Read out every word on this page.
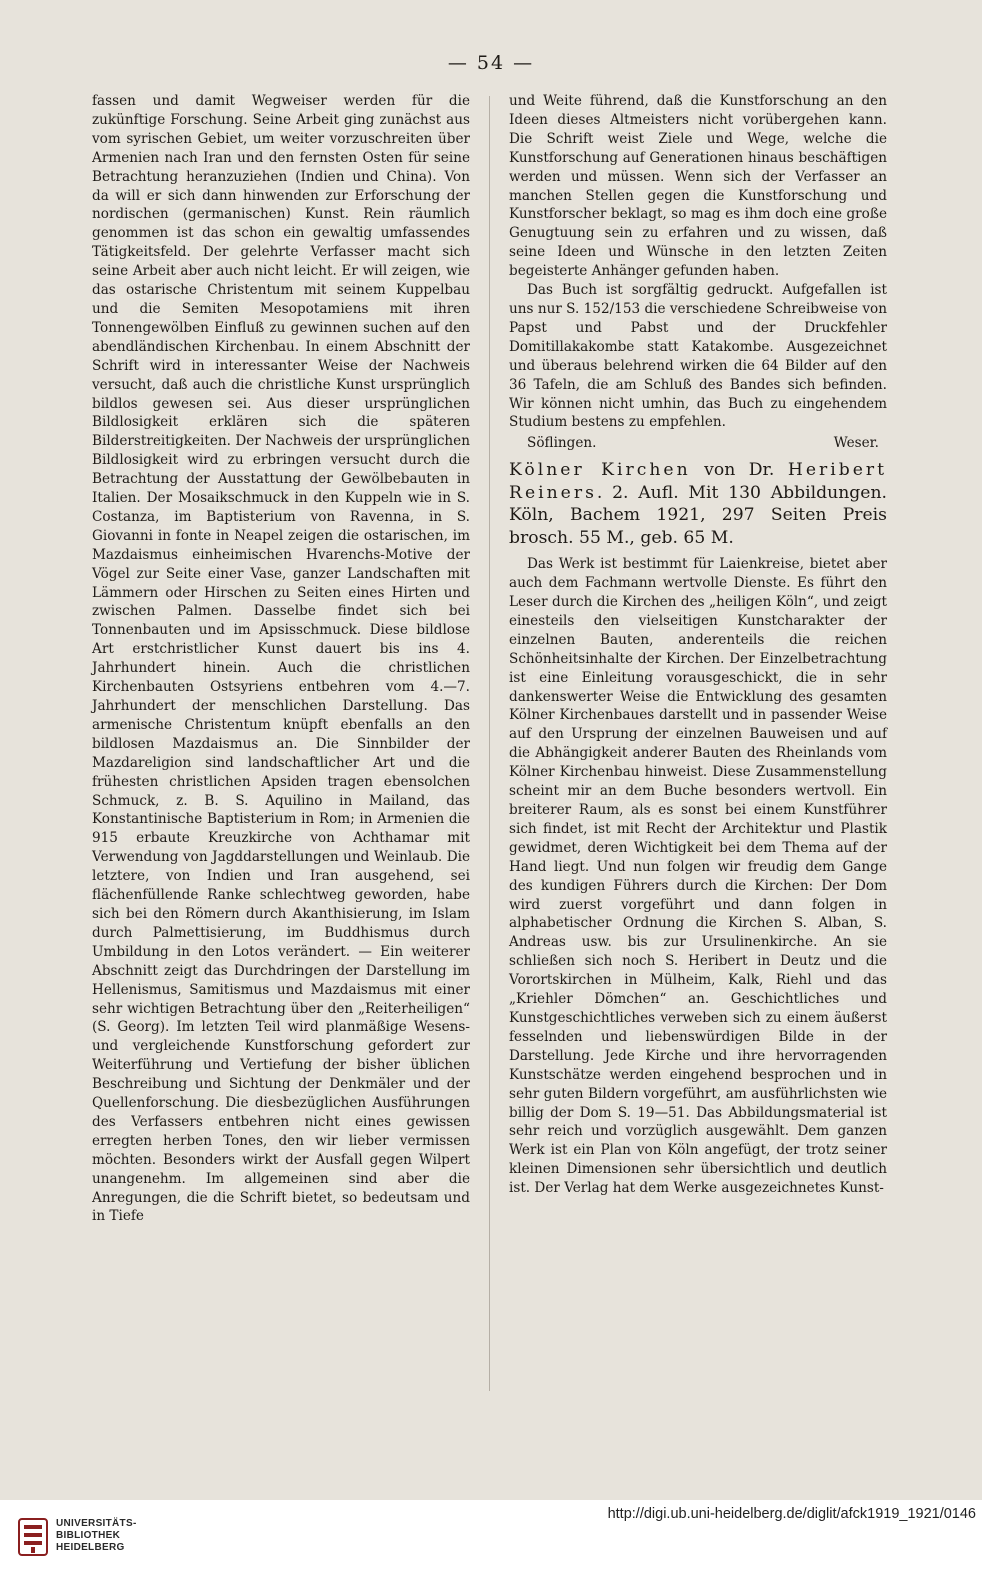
— 54 —

fassen und damit Wegweiser werden für die zukünftige Forschung. Seine Arbeit ging zunächst aus vom syrischen Gebiet, um weiter vorzuschreiten über Armenien nach Iran und den fernsten Osten für seine Betrachtung heranzuziehen (Indien und China). Von da will er sich dann hinwenden zur Erforschung der nordischen (germanischen) Kunst. Rein räumlich genommen ist das schon ein gewaltig umfassendes Tätigkeitsfeld. Der gelehrte Verfasser macht sich seine Arbeit aber auch nicht leicht. Er will zeigen, wie das ostarische Christentum mit seinem Kuppelbau und die Semiten Mesopotamiens mit ihren Tonnengewölben Einfluß zu gewinnen suchen auf den abendländischen Kirchenbau. In einem Abschnitt der Schrift wird in interessanter Weise der Nachweis versucht, daß auch die christliche Kunst ursprünglich bildlos gewesen sei. Aus dieser ursprünglichen Bildlosigkeit erklären sich die späteren Bilderstreitigkeiten. Der Nachweis der ursprünglichen Bildlosigkeit wird zu erbringen versucht durch die Betrachtung der Ausstattung der Gewölbebauten in Italien. Der Mosaikschmuck in den Kuppeln wie in S. Costanza, im Baptisterium von Ravenna, in S. Giovanni in fonte in Neapel zeigen die ostarischen, im Mazdaismus einheimischen Hvarenchs-Motive der Vögel zur Seite einer Vase, ganzer Landschaften mit Lämmern oder Hirschen zu Seiten eines Hirten und zwischen Palmen. Dasselbe findet sich bei Tonnenbauten und im Apsisschmuck. Diese bildlose Art erstchristlicher Kunst dauert bis ins 4. Jahrhundert hinein. Auch die christlichen Kirchenbauten Ostsyriens entbehren vom 4.—7. Jahrhundert der menschlichen Darstellung. Das armenische Christentum knüpft ebenfalls an den bildlosen Mazdaismus an. Die Sinnbilder der Mazdareligion sind landschaftlicher Art und die frühesten christlichen Apsiden tragen ebensolchen Schmuck, z. B. S. Aquilino in Mailand, das Konstantinische Baptisterium in Rom; in Armenien die 915 erbaute Kreuzkirche von Achthamar mit Verwendung von Jagddarstellungen und Weinlaub. Die letztere, von Indien und Iran ausgehend, sei flächenfüllende Ranke schlechtweg geworden, habe sich bei den Römern durch Akanthisierung, im Islam durch Palmettisierung, im Buddhismus durch Umbildung in den Lotos verändert. — Ein weiterer Abschnitt zeigt das Durchdringen der Darstellung im Hellenismus, Samitismus und Mazdaismus mit einer sehr wichtigen Betrachtung über den „Reiterheiligen“ (S. Georg). Im letzten Teil wird planmäßige Wesens- und vergleichende Kunstforschung gefordert zur Weiterführung und Vertiefung der bisher üblichen Beschreibung und Sichtung der Denkmäler und der Quellenforschung. Die diesbezüglichen Ausführungen des Verfassers entbehren nicht eines gewissen erregten herben Tones, den wir lieber vermissen möchten. Besonders wirkt der Ausfall gegen Wilpert unangenehm. Im allgemeinen sind aber die Anregungen, die die Schrift bietet, so bedeutsam und in Tiefe

und Weite führend, daß die Kunstforschung an den Ideen dieses Altmeisters nicht vorübergehen kann. Die Schrift weist Ziele und Wege, welche die Kunstforschung auf Generationen hinaus beschäftigen werden und müssen. Wenn sich der Verfasser an manchen Stellen gegen die Kunstforschung und Kunstforscher beklagt, so mag es ihm doch eine große Genugtuung sein zu erfahren und zu wissen, daß seine Ideen und Wünsche in den letzten Zeiten begeisterte Anhänger gefunden haben.

Das Buch ist sorgfältig gedruckt. Aufgefallen ist uns nur S. 152/153 die verschiedene Schreibweise von Papst und Pabst und der Druckfehler Domitillakakombe statt Katakombe. Ausgezeichnet und überaus belehrend wirken die 64 Bilder auf den 36 Tafeln, die am Schluß des Bandes sich befinden. Wir können nicht umhin, das Buch zu eingehendem Studium bestens zu empfehlen.

Söflingen.	Weser.
Kölner Kirchen von Dr. Heribert Reiners. 2. Aufl. Mit 130 Abbildungen. Köln, Bachem 1921, 297 Seiten Preis brosch. 55 M., geb. 65 M.

Das Werk ist bestimmt für Laienkreise, bietet aber auch dem Fachmann wertvolle Dienste. Es führt den Leser durch die Kirchen des „heiligen Köln“, und zeigt einesteils den vielseitigen Kunstcharakter der einzelnen Bauten, anderenteils die reichen Schönheitsinhalte der Kirchen. Der Einzelbetrachtung ist eine Einleitung vorausgeschickt, die in sehr dankenswerter Weise die Entwicklung des gesamten Kölner Kirchenbaues darstellt und in passender Weise auf den Ursprung der einzelnen Bauweisen und auf die Abhängigkeit anderer Bauten des Rheinlands vom Kölner Kirchenbau hinweist. Diese Zusammenstellung scheint mir an dem Buche besonders wertvoll. Ein breiterer Raum, als es sonst bei einem Kunstführer sich findet, ist mit Recht der Architektur und Plastik gewidmet, deren Wichtigkeit bei dem Thema auf der Hand liegt. Und nun folgen wir freudig dem Gange des kundigen Führers durch die Kirchen: Der Dom wird zuerst vorgeführt und dann folgen in alphabetischer Ordnung die Kirchen S. Alban, S. Andreas usw. bis zur Ursulinenkirche. An sie schließen sich noch S. Heribert in Deutz und die Vorortskirchen in Mülheim, Kalk, Riehl und das „Kriehler Dömchen“ an. Geschichtliches und Kunstgeschichtliches verweben sich zu einem äußerst fesselnden und liebenswürdigen Bilde in der Darstellung. Jede Kirche und ihre hervorragenden Kunstschätze werden eingehend besprochen und in sehr guten Bildern vorgeführt, am ausführlichsten wie billig der Dom S. 19—51. Das Abbildungsmaterial ist sehr reich und vorzüglich ausgewählt. Dem ganzen Werk ist ein Plan von Köln angefügt, der trotz seiner kleinen Dimensionen sehr übersichtlich und deutlich ist. Der Verlag hat dem Werke ausgezeichnetes Kunst-

UNIVERSITÄTS-
BIBLIOTHEK
HEIDELBERG
http://digi.ub.uni-heidelberg.de/diglit/afck1919_1921/0146
